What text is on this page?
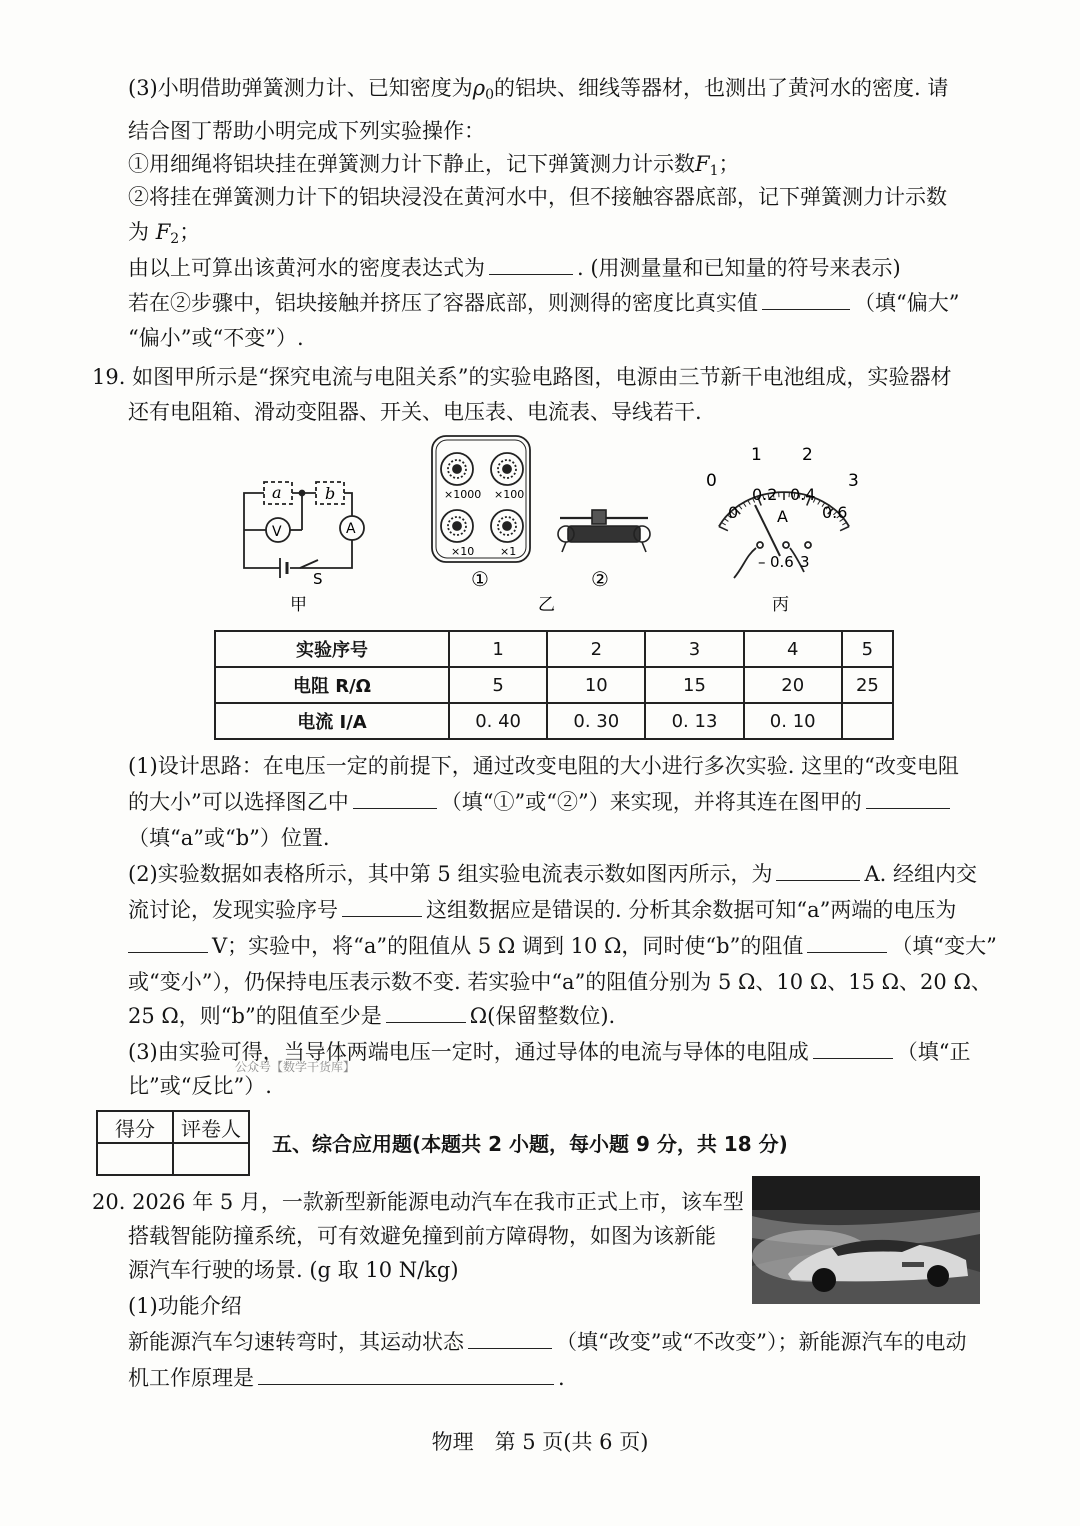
(3)小明借助弹簧测力计、已知密度为$\rho_0$的铝块、细线等器材，也测出了黄河水的密度. 请
结合图丁帮助小明完成下列实验操作：
①用细绳将铝块挂在弹簧测力计下静止，记下弹簧测力计示数$F_1$；
②将挂在弹簧测力计下的铝块浸没在黄河水中，但不接触容器底部，记下弹簧测力计示数
为 $F_2$；
由以上可算出该黄河水的密度表达式为	. (用测量量和已知量的符号来表示)
若在②步骤中，铝块接触并挤压了容器底部，则测得的密度比真实值	（填“偏大”
“偏小”或“不变”）.
19. 如图甲所示是“探究电流与电阻关系”的实验电路图，电源由三节新干电池组成，实验器材
还有电阻箱、滑动变阻器、开关、电压表、电流表、导线若干.
a	b
V	A
S
甲
×1000 ×100
×10 ×1
①	②
乙
0
1 2
3
0
0.2 0.4
0.6
A
– 0.6 3
丙
实验序号	1	2	3	4	5
电阻 R/Ω	5	10	15	20	25
电流 I/A	0. 40	0. 30	0. 13	0. 10	
(1)设计思路：在电压一定的前提下，通过改变电阻的大小进行多次实验. 这里的“改变电阻
的大小”可以选择图乙中	（填“①”或“②”）来实现，并将其连在图甲的
（填“a”或“b”）位置.
(2)实验数据如表格所示，其中第 5 组实验电流表示数如图丙所示，为	A. 经组内交
流讨论，发现实验序号	这组数据应是错误的. 分析其余数据可知“a”两端的电压为
V；实验中，将“a”的阻值从 5 Ω 调到 10 Ω，同时使“b”的阻值	（填“变大”
或“变小”），仍保持电压表示数不变. 若实验中“a”的阻值分别为 5 Ω、10 Ω、15 Ω、20 Ω、
25 Ω，则“b”的阻值至少是	Ω(保留整数位).
(3)由实验可得，当导体两端电压一定时，通过导体的电流与导体的电阻成	（填“正
公众号【数学干货库】
比”或“反比”）.
得分	评卷人

五、综合应用题(本题共 2 小题，每小题 9 分，共 18 分)
20. 2026 年 5 月，一款新型新能源电动汽车在我市正式上市，该车型
搭载智能防撞系统，可有效避免撞到前方障碍物，如图为该新能
源汽车行驶的场景. (g 取 10 N/kg)
(1)功能介绍
新能源汽车匀速转弯时，其运动状态	（填“改变”或“不改变”）；新能源汽车的电动
机工作原理是	.
物理　第 5 页(共 6 页)
